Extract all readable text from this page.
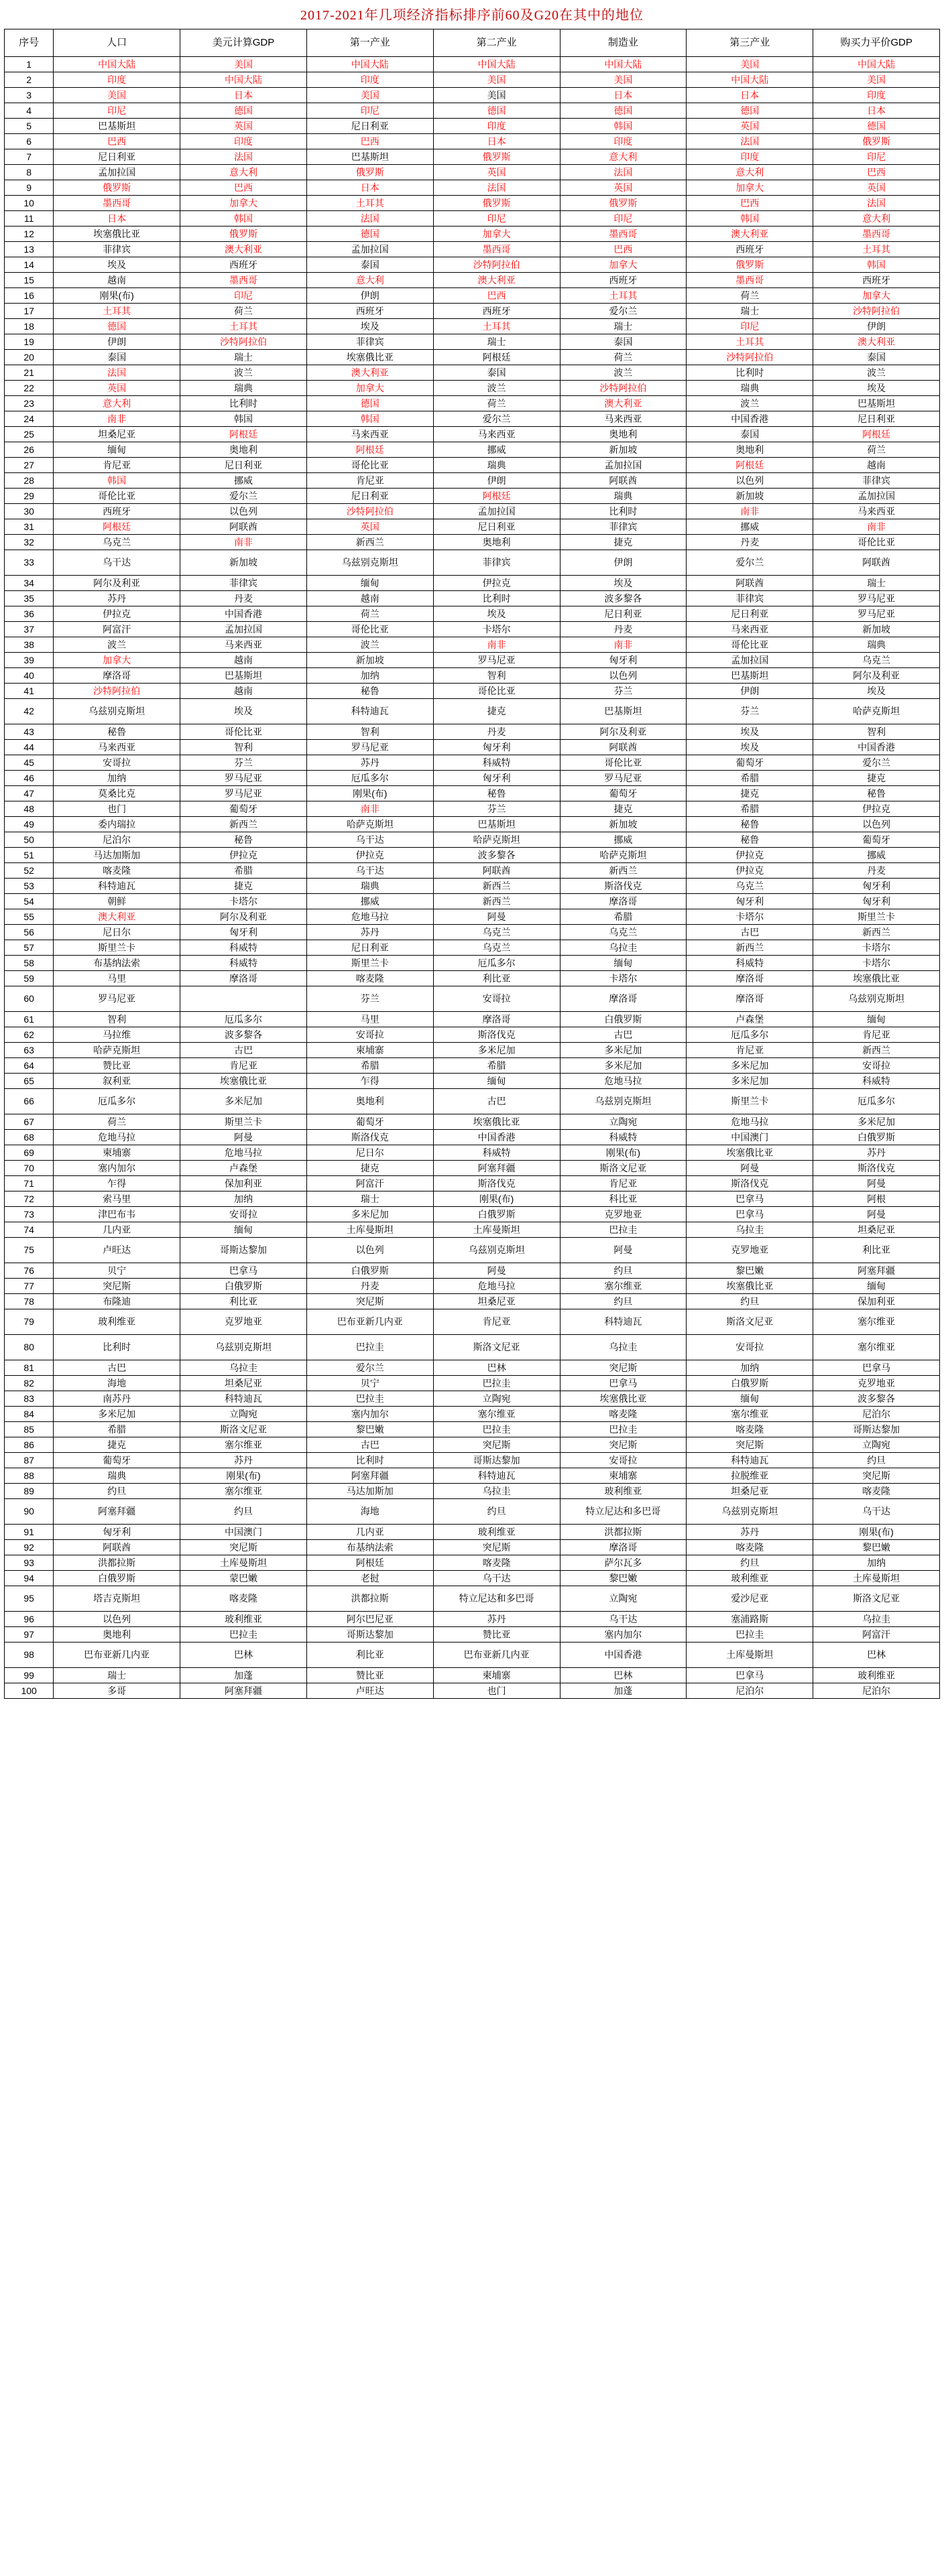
2017-2021年几项经济指标排序前60及G20在其中的地位
序号	人口	美元计算GDP	第一产业	第二产业	制造业	第三产业	购买力平价GDP
1	中国大陆	美国	中国大陆	中国大陆	中国大陆	美国	中国大陆
2	印度	中国大陆	印度	美国	美国	中国大陆	美国
3	美国	日本	美国	美国	日本	日本	印度
4	印尼	德国	印尼	德国	德国	德国	日本
5	巴基斯坦	英国	尼日利亚	印度	韩国	英国	德国
6	巴西	印度	巴西	日本	印度	法国	俄罗斯
7	尼日利亚	法国	巴基斯坦	俄罗斯	意大利	印度	印尼
8	孟加拉国	意大利	俄罗斯	英国	法国	意大利	巴西
9	俄罗斯	巴西	日本	法国	英国	加拿大	英国
10	墨西哥	加拿大	土耳其	俄罗斯	俄罗斯	巴西	法国
11	日本	韩国	法国	印尼	印尼	韩国	意大利
12	埃塞俄比亚	俄罗斯	德国	加拿大	墨西哥	澳大利亚	墨西哥
13	菲律宾	澳大利亚	孟加拉国	墨西哥	巴西	西班牙	土耳其
14	埃及	西班牙	泰国	沙特阿拉伯	加拿大	俄罗斯	韩国
15	越南	墨西哥	意大利	澳大利亚	西班牙	墨西哥	西班牙
16	刚果(布)	印尼	伊朗	巴西	土耳其	荷兰	加拿大
17	土耳其	荷兰	西班牙	西班牙	爱尔兰	瑞士	沙特阿拉伯
18	德国	土耳其	埃及	土耳其	瑞士	印尼	伊朗
19	伊朗	沙特阿拉伯	菲律宾	瑞士	泰国	土耳其	澳大利亚
20	泰国	瑞士	埃塞俄比亚	阿根廷	荷兰	沙特阿拉伯	泰国
21	法国	波兰	澳大利亚	泰国	波兰	比利时	波兰
22	英国	瑞典	加拿大	波兰	沙特阿拉伯	瑞典	埃及
23	意大利	比利时	德国	荷兰	澳大利亚	波兰	巴基斯坦
24	南非	韩国	韩国	爱尔兰	马来西亚	中国香港	尼日利亚
25	坦桑尼亚	阿根廷	马来西亚	马来西亚	奥地利	泰国	阿根廷
26	缅甸	奥地利	阿根廷	挪威	新加坡	奥地利	荷兰
27	肯尼亚	尼日利亚	哥伦比亚	瑞典	孟加拉国	阿根廷	越南
28	韩国	挪威	肯尼亚	伊朗	阿联酋	以色列	菲律宾
29	哥伦比亚	爱尔兰	尼日利亚	阿根廷	瑞典	新加坡	孟加拉国
30	西班牙	以色列	沙特阿拉伯	孟加拉国	比利时	南非	马来西亚
31	阿根廷	阿联酋	英国	尼日利亚	菲律宾	挪威	南非
32	乌克兰	南非	新西兰	奥地利	捷克	丹麦	哥伦比亚
33	乌干达	新加坡	乌兹别克斯坦	菲律宾	伊朗	爱尔兰	阿联酋
34	阿尔及利亚	菲律宾	缅甸	伊拉克	埃及	阿联酋	瑞士
35	苏丹	丹麦	越南	比利时	波多黎各	菲律宾	罗马尼亚
36	伊拉克	中国香港	荷兰	埃及	尼日利亚	尼日利亚	罗马尼亚
37	阿富汗	孟加拉国	哥伦比亚	卡塔尔	丹麦	马来西亚	新加坡
38	波兰	马来西亚	波兰	南非	南非	哥伦比亚	瑞典
39	加拿大	越南	新加坡	罗马尼亚	匈牙利	孟加拉国	乌克兰
40	摩洛哥	巴基斯坦	加纳	智利	以色列	巴基斯坦	阿尔及利亚
41	沙特阿拉伯	越南	秘鲁	哥伦比亚	芬兰	伊朗	埃及
42	乌兹别克斯坦	埃及	科特迪瓦	捷克	巴基斯坦	芬兰	哈萨克斯坦
43	秘鲁	哥伦比亚	智利	丹麦	阿尔及利亚	埃及	智利
44	马来西亚	智利	罗马尼亚	匈牙利	阿联酋	埃及	中国香港
45	安哥拉	芬兰	苏丹	科威特	哥伦比亚	葡萄牙	爱尔兰
46	加纳	罗马尼亚	厄瓜多尔	匈牙利	罗马尼亚	希腊	捷克
47	莫桑比克	罗马尼亚	刚果(布)	秘鲁	葡萄牙	捷克	秘鲁
48	也门	葡萄牙	南非	芬兰	捷克	希腊	伊拉克
49	委内瑞拉	新西兰	哈萨克斯坦	巴基斯坦	新加坡	秘鲁	以色列
50	尼泊尔	秘鲁	乌干达	哈萨克斯坦	挪威	秘鲁	葡萄牙
51	马达加斯加	伊拉克	伊拉克	波多黎各	哈萨克斯坦	伊拉克	挪威
52	喀麦隆	希腊	乌干达	阿联酋	新西兰	伊拉克	丹麦
53	科特迪瓦	捷克	瑞典	新西兰	斯洛伐克	乌克兰	匈牙利
54	朝鲜	卡塔尔	挪威	新西兰	摩洛哥	匈牙利	匈牙利
55	澳大利亚	阿尔及利亚	危地马拉	阿曼	希腊	卡塔尔	斯里兰卡
56	尼日尔	匈牙利	苏丹	乌克兰	乌克兰	古巴	新西兰
57	斯里兰卡	科威特	尼日利亚	乌克兰	乌拉圭	新西兰	卡塔尔
58	布基纳法索	科威特	斯里兰卡	厄瓜多尔	缅甸	科威特	卡塔尔
59	马里	摩洛哥	喀麦隆	利比亚	卡塔尔	摩洛哥	埃塞俄比亚
60	罗马尼亚		芬兰	安哥拉	摩洛哥	摩洛哥	乌兹别克斯坦
61	智利	厄瓜多尔	马里	摩洛哥	白俄罗斯	卢森堡	缅甸
62	马拉维	波多黎各	安哥拉	斯洛伐克	古巴	厄瓜多尔	肯尼亚
63	哈萨克斯坦	古巴	柬埔寨	多米尼加	多米尼加	肯尼亚	新西兰
64	赞比亚	肯尼亚	希腊	希腊	多米尼加	多米尼加	安哥拉
65	叙利亚	埃塞俄比亚	乍得	缅甸	危地马拉	多米尼加	科威特
66	厄瓜多尔	多米尼加	奥地利	古巴	乌兹别克斯坦	斯里兰卡	厄瓜多尔
67	荷兰	斯里兰卡	葡萄牙	埃塞俄比亚	立陶宛	危地马拉	多米尼加
68	危地马拉	阿曼	斯洛伐克	中国香港	科威特	中国澳门	白俄罗斯
69	柬埔寨	危地马拉	尼日尔	科威特	刚果(布)	埃塞俄比亚	苏丹
70	塞内加尔	卢森堡	捷克	阿塞拜疆	斯洛文尼亚	阿曼	斯洛伐克
71	乍得	保加利亚	阿富汗	斯洛伐克	肯尼亚	斯洛伐克	阿曼
72	索马里	加纳	瑞士	刚果(布)	科比亚	巴拿马	阿根
73	津巴布韦	安哥拉	多米尼加	白俄罗斯	克罗地亚	巴拿马	阿曼
74	几内亚	缅甸	土库曼斯坦	土库曼斯坦	巴拉圭	乌拉圭	坦桑尼亚
75	卢旺达	哥斯达黎加	以色列	乌兹别克斯坦	阿曼	克罗地亚	利比亚
76	贝宁	巴拿马	白俄罗斯	阿曼	约旦	黎巴嫩	阿塞拜疆
77	突尼斯	白俄罗斯	丹麦	危地马拉	塞尔维亚	埃塞俄比亚	缅甸
78	布隆迪	利比亚	突尼斯	坦桑尼亚	约旦	约旦	保加利亚
79	玻利维亚	克罗地亚	巴布亚新几内亚	肯尼亚	科特迪瓦	斯洛文尼亚	塞尔维亚
80	比利时	乌兹别克斯坦	巴拉圭	斯洛文尼亚	乌拉圭	安哥拉	塞尔维亚
81	古巴	乌拉圭	爱尔兰	巴林	突尼斯	加纳	巴拿马
82	海地	坦桑尼亚	贝宁	巴拉圭	巴拿马	白俄罗斯	克罗地亚
83	南苏丹	科特迪瓦	巴拉圭	立陶宛	埃塞俄比亚	缅甸	波多黎各
84	多米尼加	立陶宛	塞内加尔	塞尔维亚	喀麦隆	塞尔维亚	尼泊尔
85	希腊	斯洛文尼亚	黎巴嫩	巴拉圭	巴拉圭	喀麦隆	哥斯达黎加
86	捷克	塞尔维亚	古巴	突尼斯	突尼斯	突尼斯	立陶宛
87	葡萄牙	苏丹	比利时	哥斯达黎加	安哥拉	科特迪瓦	约旦
88	瑞典	刚果(布)	阿塞拜疆	科特迪瓦	柬埔寨	拉脱维亚	突尼斯
89	约旦	塞尔维亚	马达加斯加	乌拉圭	玻利维亚	坦桑尼亚	喀麦隆
90	阿塞拜疆	约旦	海地	约旦	特立尼达和多巴哥	乌兹别克斯坦	乌干达
91	匈牙利	中国澳门	几内亚	玻利维亚	洪都拉斯	苏丹	刚果(布)
92	阿联酋	突尼斯	布基纳法索	突尼斯	摩洛哥	喀麦隆	黎巴嫩
93	洪都拉斯	土库曼斯坦	阿根廷	喀麦隆	萨尔瓦多	约旦	加纳
94	白俄罗斯	蒙巴嫩	老挝	乌干达	黎巴嫩	玻利维亚	土库曼斯坦
95	塔吉克斯坦	喀麦隆	洪都拉斯	特立尼达和多巴哥	立陶宛	爱沙尼亚	斯洛文尼亚
96	以色列	玻利维亚	阿尔巴尼亚	苏丹	乌干达	塞浦路斯	乌拉圭
97	奥地利	巴拉圭	哥斯达黎加	赞比亚	塞内加尔	巴拉圭	阿富汗
98	巴布亚新几内亚	巴林	利比亚	巴布亚新几内亚	中国香港	土库曼斯坦	巴林
99	瑞士	加蓬	赞比亚	柬埔寨	巴林	巴拿马	玻利维亚
100	多哥	阿塞拜疆	卢旺达	也门	加蓬	尼泊尔	尼泊尔
